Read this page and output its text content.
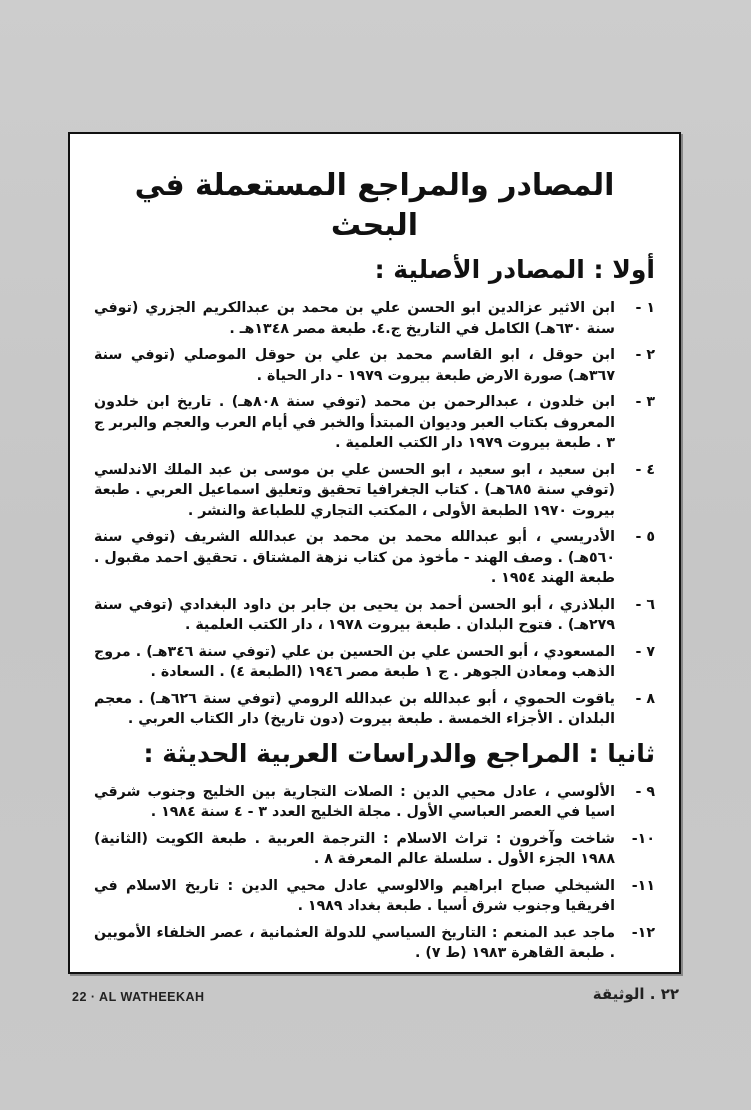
المصادر والمراجع المستعملة في البحث
أولا : المصادر الأصلية :
١ -
ابن الاثير عزالدين ابو الحسن علي بن محمد بن عبدالكريم الجزري (توفي سنة ٦٣٠هـ) الكامل في التاريخ ج.٤. طبعة مصر ١٣٤٨هـ .
٢ -
ابن حوقل ، ابو القاسم محمد بن علي بن حوقل الموصلي (توفي سنة ٣٦٧هـ) صورة الارض طبعة بيروت ١٩٧٩ - دار الحياة .
٣ -
ابن خلدون ، عبدالرحمن بن محمد (توفي سنة ٨٠٨هـ) . تاريخ ابن خلدون المعروف بكتاب العبر وديوان المبتدأ والخبر في أيام العرب والعجم والبربر ج ٣ . طبعة بيروت ١٩٧٩ دار الكتب العلمية .
٤ -
ابن سعيد ، ابو سعيد ، ابو الحسن علي بن موسى بن عبد الملك الاندلسي (توفي سنة ٦٨٥هـ) . كتاب الجغرافيا تحقيق وتعليق اسماعيل العربي . طبعة بيروت ١٩٧٠ الطبعة الأولى ، المكتب التجاري للطباعة والنشر .
٥ -
الأدريسي ، أبو عبدالله محمد بن محمد بن عبدالله الشريف (توفي سنة ٥٦٠هـ) . وصف الهند - مأخوذ من كتاب نزهة المشتاق . تحقيق احمد مقبول . طبعة الهند ١٩٥٤ .
٦ -
البلاذري ، أبو الحسن أحمد بن يحيى بن جابر بن داود البغدادي (توفي سنة ٢٧٩هـ) . فتوح البلدان . طبعة بيروت ١٩٧٨ ، دار الكتب العلمية .
٧ -
المسعودي ، أبو الحسن علي بن الحسين بن علي (توفي سنة ٣٤٦هـ) . مروج الذهب ومعادن الجوهر . ج ١ طبعة مصر ١٩٤٦ (الطبعة ٤) . السعادة .
٨ -
ياقوت الحموي ، أبو عبدالله بن عبدالله الرومي (توفي سنة ٦٢٦هـ) . معجم البلدان . الأجزاء الخمسة . طبعة بيروت (دون تاريخ) دار الكتاب العربي .
ثانيا : المراجع والدراسات العربية الحديثة :
٩ -
الألوسي ، عادل محيي الدين : الصلات التجارية بين الخليج وجنوب شرقي اسيا في العصر العباسي الأول . مجلة الخليج العدد ٣ - ٤ سنة ١٩٨٤ .
١٠-
شاخت وآخرون : تراث الاسلام : الترجمة العربية . طبعة الكويت (الثانية) ١٩٨٨ الجزء الأول . سلسلة عالم المعرفة ٨ .
١١-
الشيخلي صباح ابراهيم والالوسي عادل محيي الدين : تاريخ الاسلام في افريقيا وجنوب شرق أسيا . طبعة بغداد ١٩٨٩ .
١٢-
ماجد عبد المنعم : التاريخ السياسي للدولة العثمانية ، عصر الخلفاء الأمويين . طبعة القاهرة ١٩٨٣ (ط ٧) .
22 · AL WATHEEKAH	٢٢ . الوثيقة
